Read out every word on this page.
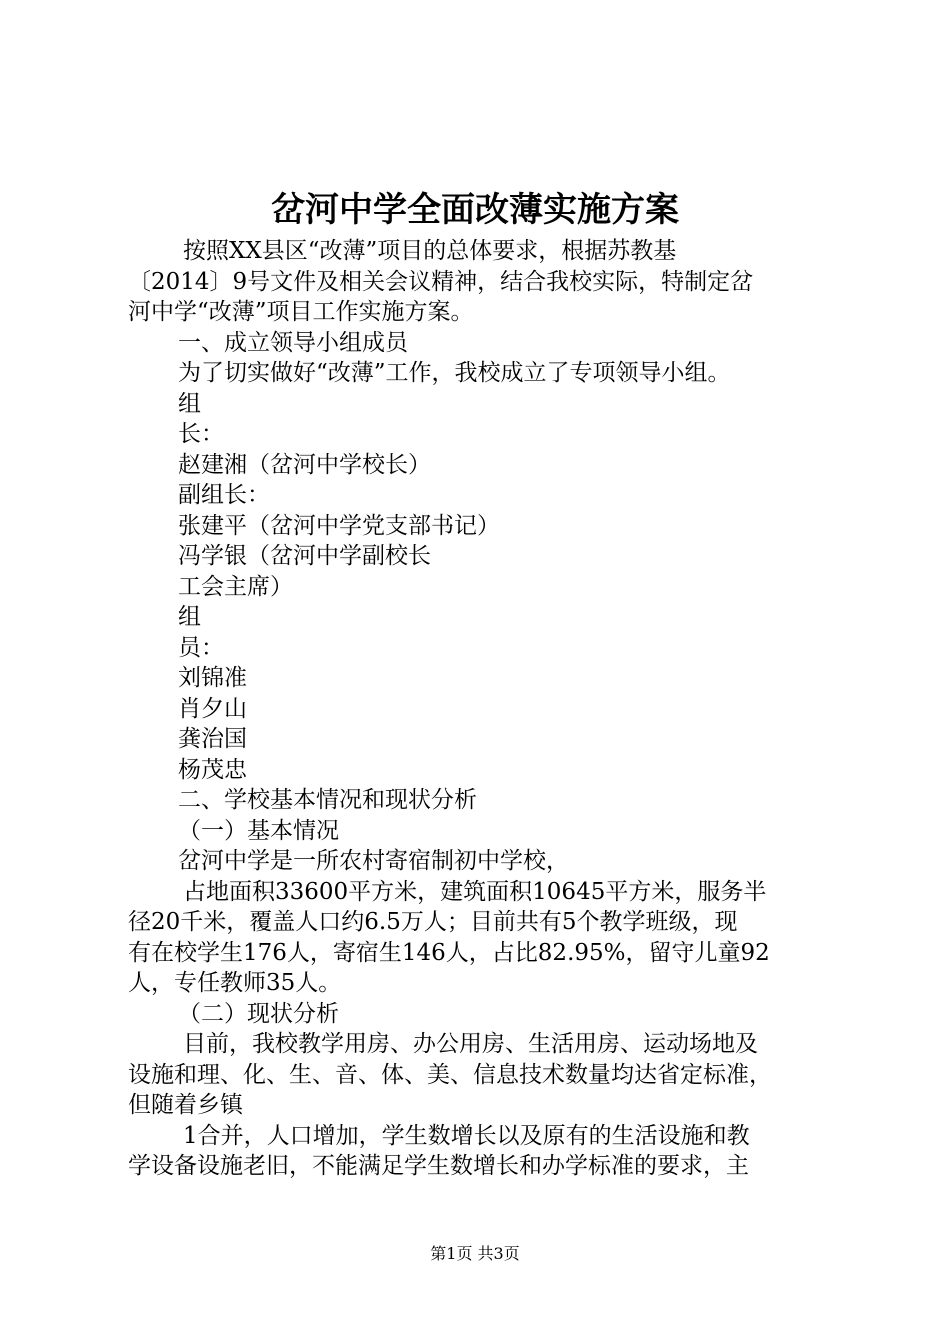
岔河中学全面改薄实施方案

按照XX县区“改薄”项目的总体要求，根据苏教基

〔2014〕9号文件及相关会议精神，结合我校实际，特制定岔

河中学“改薄”项目工作实施方案。

一、成立领导小组成员

为了切实做好“改薄”工作，我校成立了专项领导小组。

组

长：

赵建湘（岔河中学校长）

副组长：

张建平（岔河中学党支部书记）

冯学银（岔河中学副校长

工会主席）

组

员：

刘锦准

肖夕山

龚治国

杨茂忠

二、学校基本情况和现状分析

（一）基本情况

岔河中学是一所农村寄宿制初中学校，

占地面积33600平方米，建筑面积10645平方米，服务半

径20千米，覆盖人口约6.5万人；目前共有5个教学班级，现

有在校学生176人，寄宿生146人，占比82.95%，留守儿童92

人，专任教师35人。

（二）现状分析

目前，我校教学用房、办公用房、生活用房、运动场地及

设施和理、化、生、音、体、美、信息技术数量均达省定标准，

但随着乡镇

1合并，人口增加，学生数增长以及原有的生活设施和教

学设备设施老旧，不能满足学生数增长和办学标准的要求，主

第1页 共3页
